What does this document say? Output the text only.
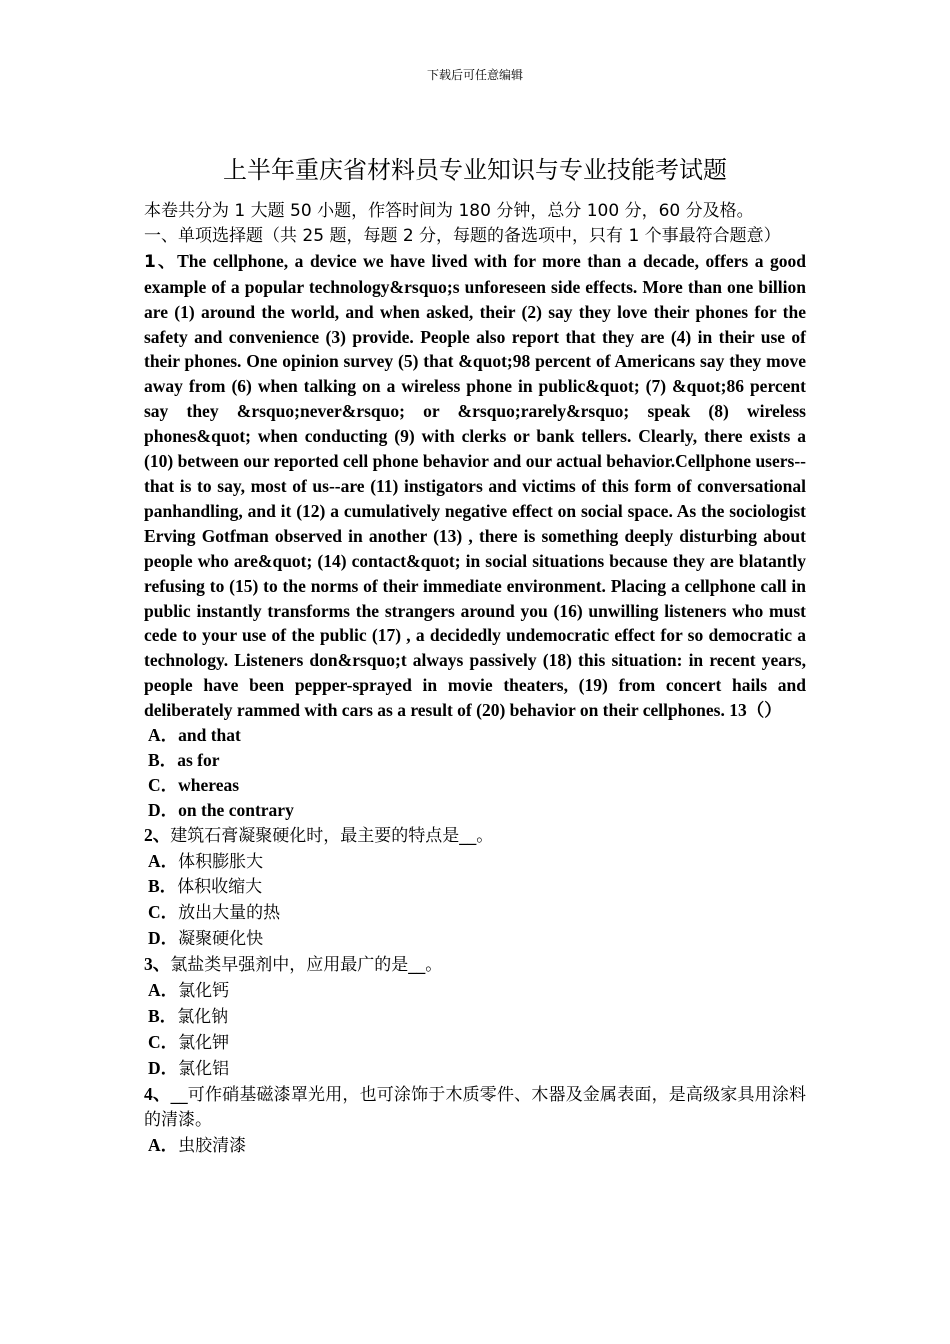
下载后可任意编辑
上半年重庆省材料员专业知识与专业技能考试题

本卷共分为 1 大题 50 小题，作答时间为 180 分钟，总分 100 分，60 分及格。

一、单项选择题（共 25 题，每题 2 分，每题的备选项中，只有 1 个事最符合题意）

1、The cellphone, a device we have lived with for more than a decade, offers a good example of a popular technology&rsquo;s unforeseen side effects. More than one billion are (1) around the world, and when asked, their (2) say they love their phones for the safety and convenience (3) provide. People also report that they are (4) in their use of their phones. One opinion survey (5) that &quot;98 percent of Americans say they move away from (6) when talking on a wireless phone in public&quot; (7) &quot;86 percent say they &rsquo;never&rsquo; or &rsquo;rarely&rsquo; speak (8) wireless phones&quot; when conducting (9) with clerks or bank tellers. Clearly, there exists a (10) between our reported cell phone behavior and our actual behavior.Cellphone users--that is to say, most of us--are (11) instigators and victims of this form of conversational panhandling, and it (12) a cumulatively negative effect on social space. As the sociologist Erving Gotfman observed in another (13) , there is something deeply disturbing about people who are&quot; (14) contact&quot; in social situations because they are blatantly refusing to (15) to the norms of their immediate environment. Placing a cellphone call in public instantly transforms the strangers around you (16) unwilling listeners who must cede to your use of the public (17) , a decidedly undemocratic effect for so democratic a technology. Listeners don&rsquo;t always passively (18) this situation: in recent years, people have been pepper-sprayed in movie theaters, (19) from concert hails and deliberately rammed with cars as a result of (20) behavior on their cellphones. 13（）

A．and that

B．as for

C．whereas

D．on the contrary

2、建筑石膏凝聚硬化时，最主要的特点是__。

A．体积膨胀大

B．体积收缩大

C．放出大量的热

D．凝聚硬化快

3、氯盐类早强剂中，应用最广的是__。

A．氯化钙

B．氯化钠

C．氯化钾

D．氯化铝

4、__可作硝基磁漆罩光用，也可涂饰于木质零件、木器及金属表面，是高级家具用涂料的清漆。

A．虫胶清漆
